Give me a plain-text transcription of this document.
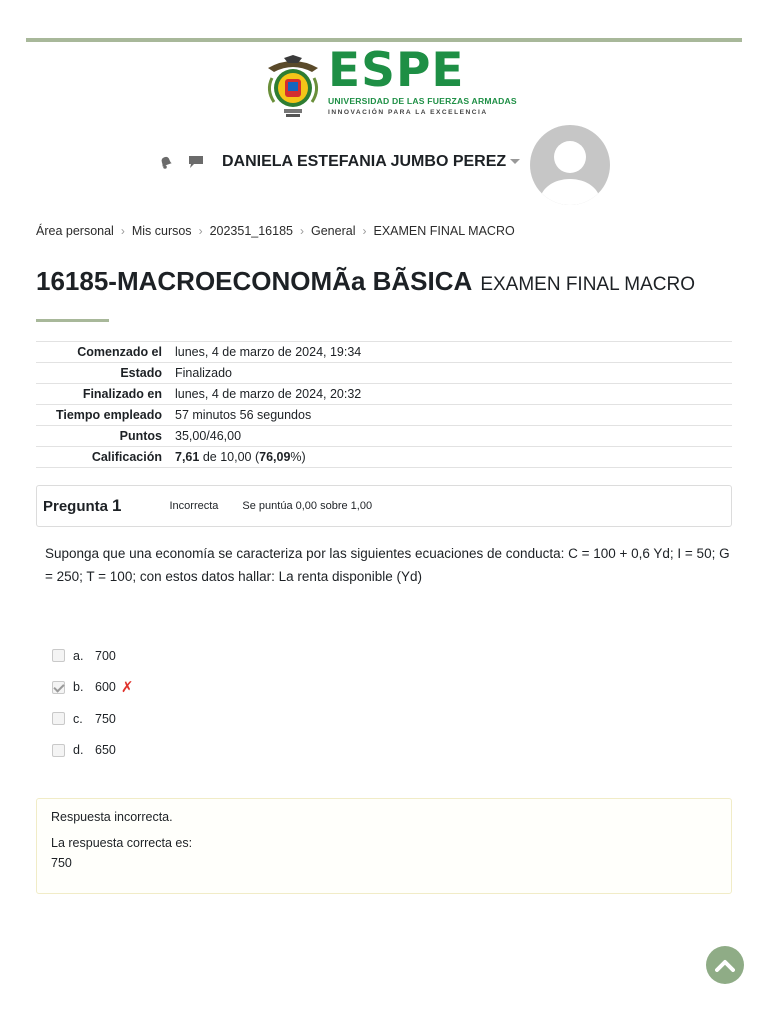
ESPE
UNIVERSIDAD DE LAS FUERZAS ARMADAS
INNOVACIÓN PARA LA EXCELENCIA
DANIELA ESTEFANIA JUMBO PEREZ
Área personal › Mis cursos › 202351_16185 › General › EXAMEN FINAL MACRO
16185-MACROECONOMÃa BÃSICA EXAMEN FINAL MACRO
Comenzado el	lunes, 4 de marzo de 2024, 19:34
Estado	Finalizado
Finalizado en	lunes, 4 de marzo de 2024, 20:32
Tiempo empleado	57 minutos 56 segundos
Puntos	35,00/46,00
Calificación	7,61 de 10,00 (76,09%)
Pregunta 1	Incorrecta Se puntúa 0,00 sobre 1,00
Suponga que una economía se caracteriza por las siguientes ecuaciones de conducta: C = 100 + 0,6 Yd; I = 50; G = 250; T = 100; con estos datos hallar: La renta disponible (Yd)
a. 700
b. 600 ✗
c. 750
d. 650
Respuesta incorrecta.
La respuesta correcta es:
750
